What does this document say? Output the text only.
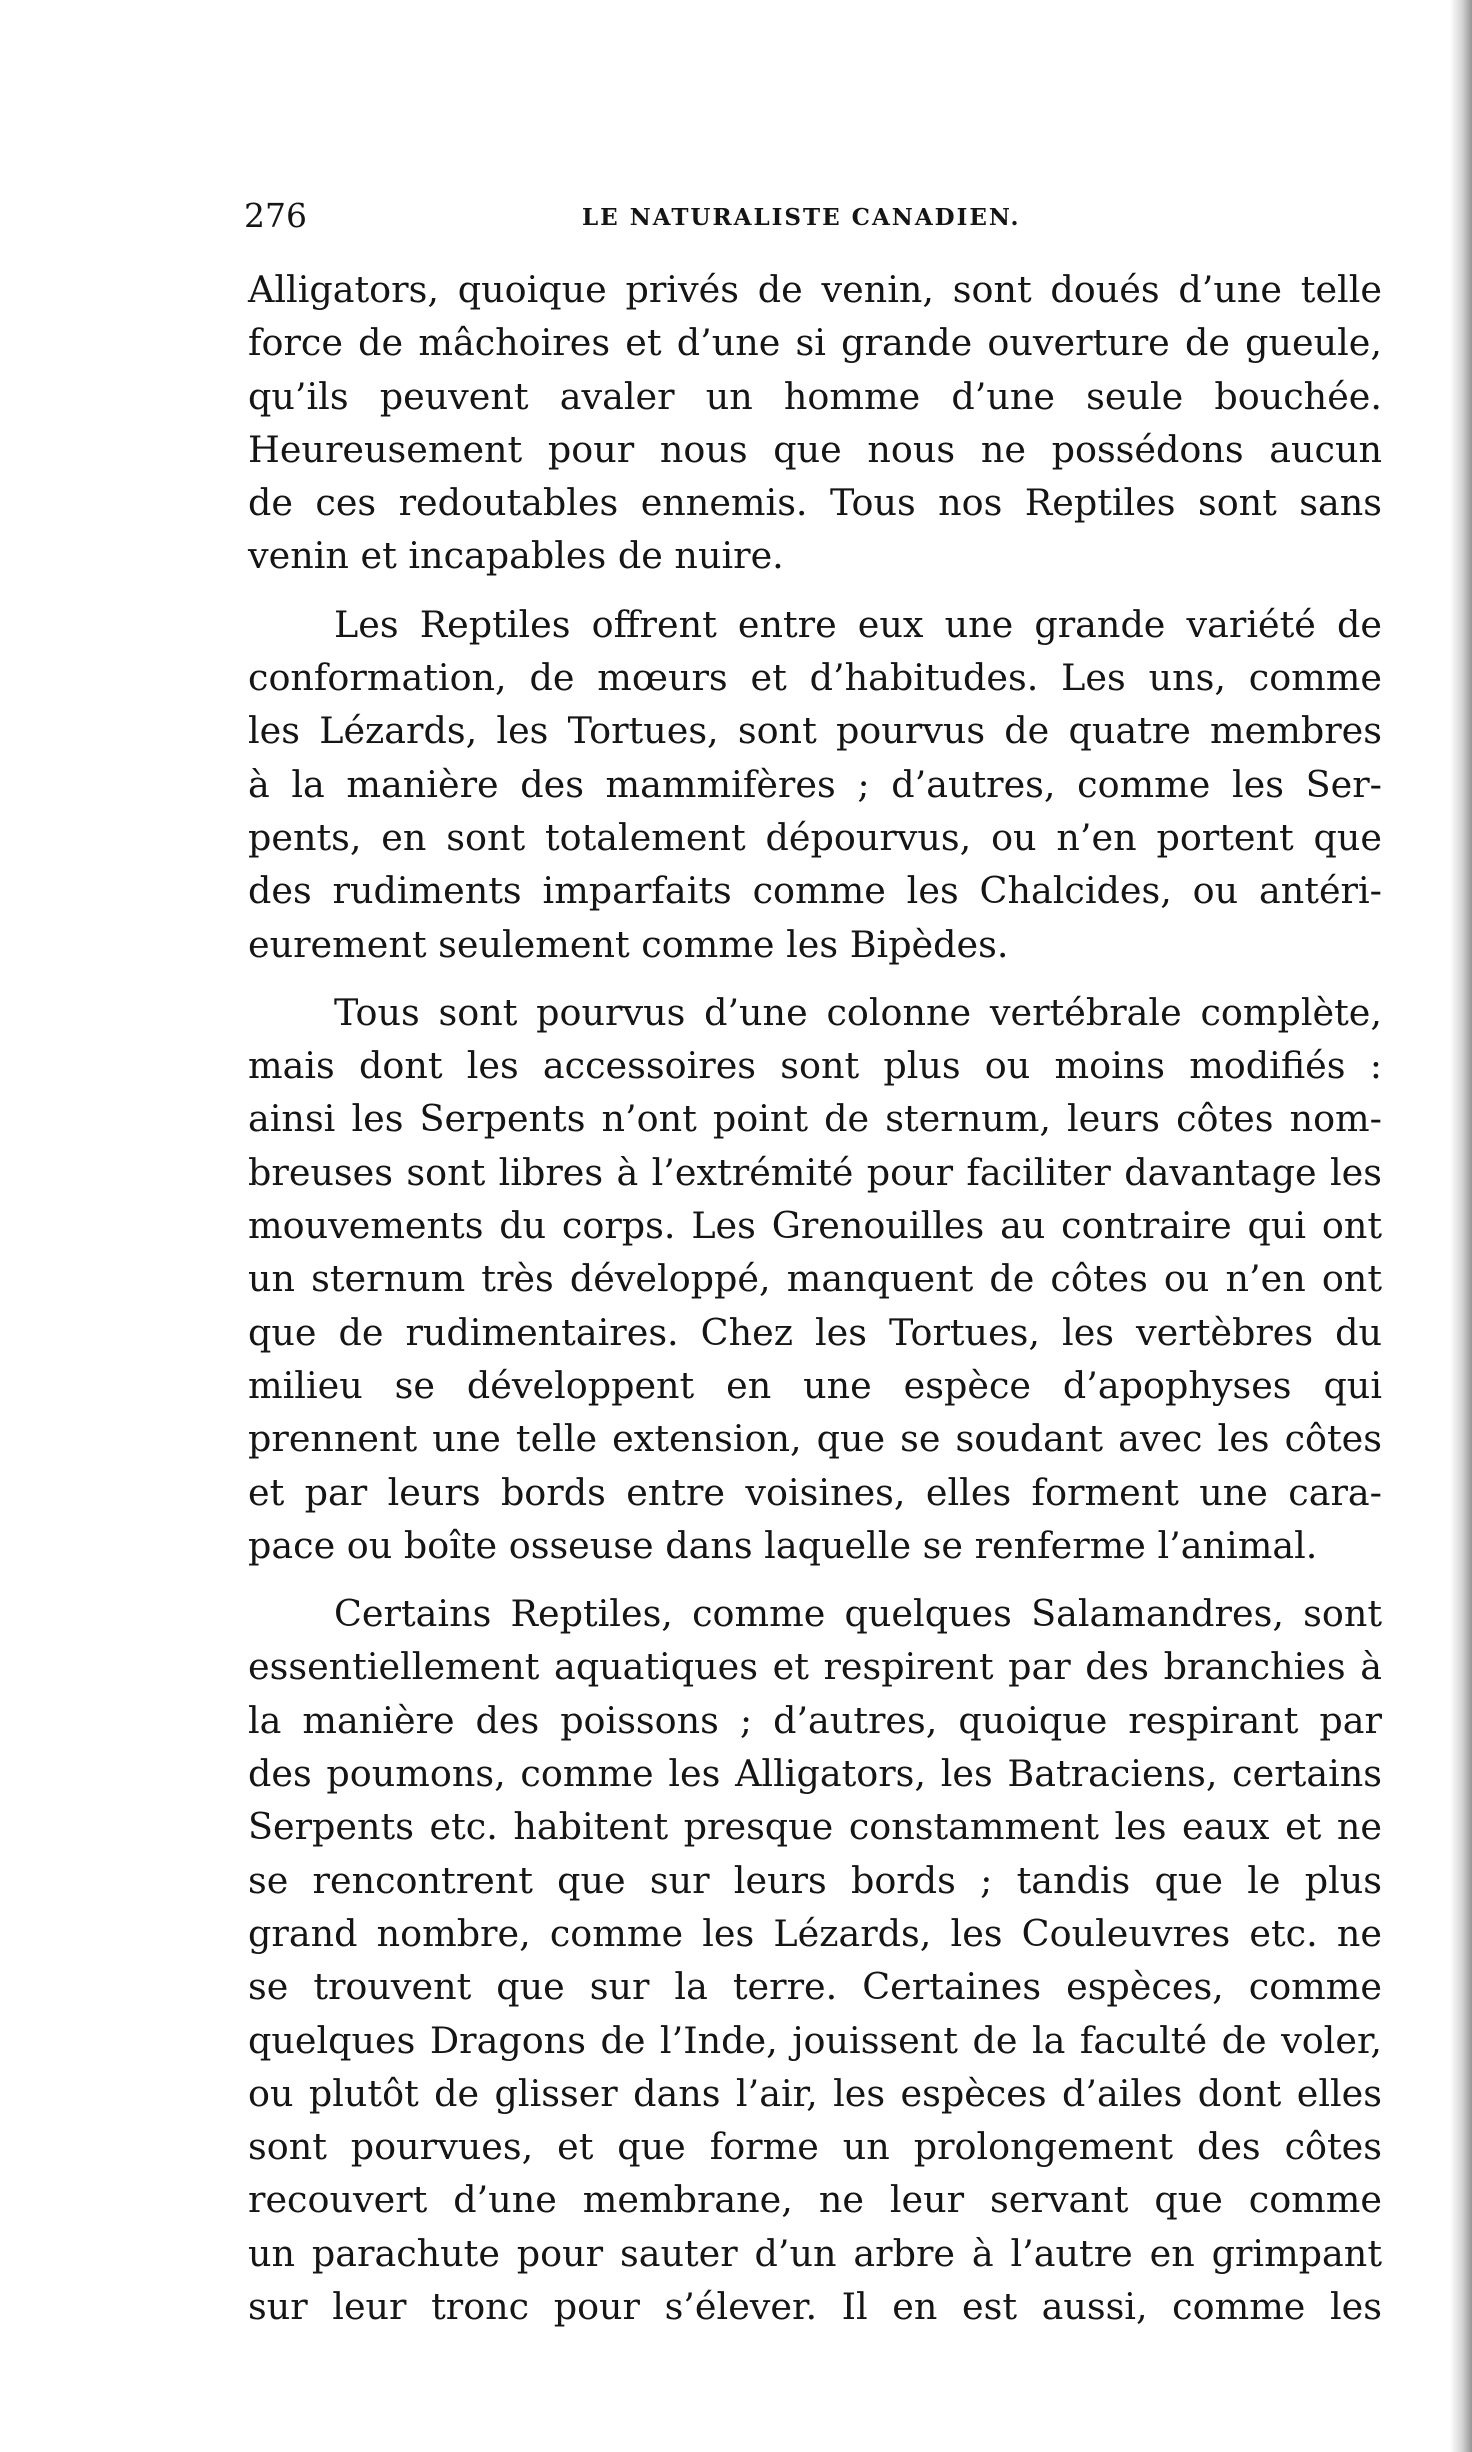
276	LE NATURALISTE CANADIEN.
Alligators, quoique privés de venin, sont doués d’une telle
force de mâchoires et d’une si grande ouverture de gueule,
qu’ils peuvent avaler un homme d’une seule bouchée.
Heureusement pour nous que nous ne possédons aucun
de ces redoutables ennemis. Tous nos Reptiles sont sans
venin et incapables de nuire.
Les Reptiles offrent entre eux une grande variété de
conformation, de mœurs et d’habitudes. Les uns, comme
les Lézards, les Tortues, sont pourvus de quatre membres
à la manière des mammifères ; d’autres, comme les Ser-
pents, en sont totalement dépourvus, ou n’en portent que
des rudiments imparfaits comme les Chalcides, ou antéri-
eurement seulement comme les Bipèdes.
Tous sont pourvus d’une colonne vertébrale complète,
mais dont les accessoires sont plus ou moins modifiés :
ainsi les Serpents n’ont point de sternum, leurs côtes nom-
breuses sont libres à l’extrémité pour faciliter davantage les
mouvements du corps. Les Grenouilles au contraire qui ont
un sternum très développé, manquent de côtes ou n’en ont
que de rudimentaires. Chez les Tortues, les vertèbres du
milieu se développent en une espèce d’apophyses qui
prennent une telle extension, que se soudant avec les côtes
et par leurs bords entre voisines, elles forment une cara-
pace ou boîte osseuse dans laquelle se renferme l’animal.
Certains Reptiles, comme quelques Salamandres, sont
essentiellement aquatiques et respirent par des branchies à
la manière des poissons ; d’autres, quoique respirant par
des poumons, comme les Alligators, les Batraciens, certains
Serpents etc. habitent presque constamment les eaux et ne
se rencontrent que sur leurs bords ; tandis que le plus
grand nombre, comme les Lézards, les Couleuvres etc. ne
se trouvent que sur la terre. Certaines espèces, comme
quelques Dragons de l’Inde, jouissent de la faculté de voler,
ou plutôt de glisser dans l’air, les espèces d’ailes dont elles
sont pourvues, et que forme un prolongement des côtes
recouvert d’une membrane, ne leur servant que comme
un parachute pour sauter d’un arbre à l’autre en grimpant
sur leur tronc pour s’élever. Il en est aussi, comme les
